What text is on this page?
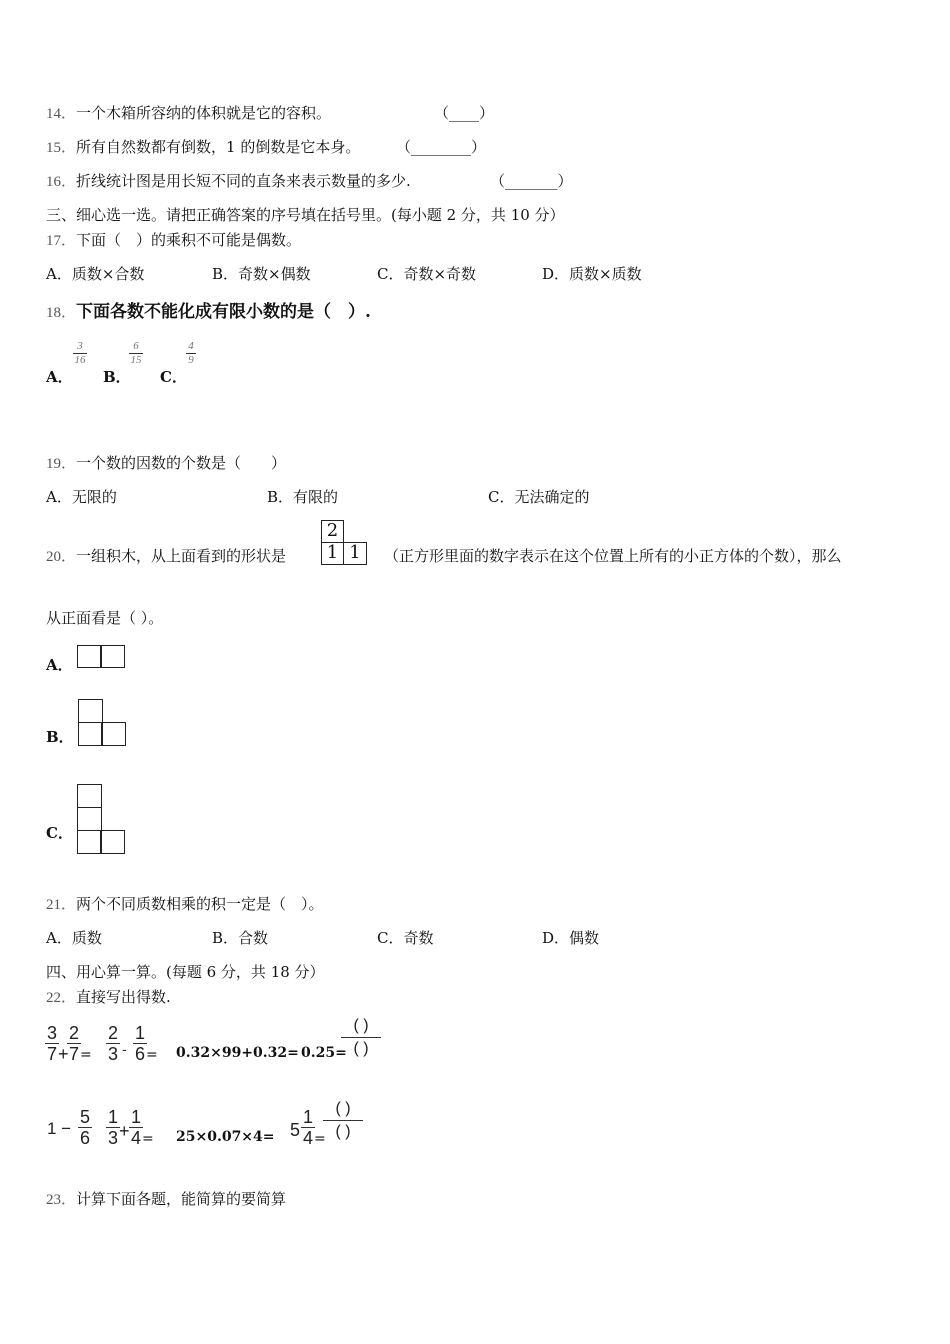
14．一个木箱所容纳的体积就是它的容积。	（____）
15．所有自然数都有倒数，1 的倒数是它本身。 （________）
16．折线统计图是用长短不同的直条来表示数量的多少.	（_______）
三、细心选一选。请把正确答案的序号填在括号里。(每小题 2 分，共 10 分）
17．下面（　）的乘积不可能是偶数。
A．质数×合数	B．奇数×偶数	C．奇数×奇数	D．质数×质数
18．下面各数不能化成有限小数的是（　）.
A．
3
16
B．
6
15
C．
4
9
19．一个数的因数的个数是（　　）
A．无限的	B．有限的	C．无法确定的
20．一组积木，从上面看到的形状是
2
1 1	（正方形里面的数字表示在这个位置上所有的小正方体的个数），那么
从正面看是（ ）。
A．
B．
C．
21．两个不同质数相乘的积一定是（　）。
A．质数	B．合数	C．奇数	D．偶数
四、用心算一算。(每题 6 分，共 18 分）
22．直接写出得数.
3
7 +
2
7 =
2
3 -
1
6 = 0.32×99+0.32= 0.25=
( )
( )
1 −
5
6
1
3 +
1
4 = 25×0.07×4= 5
1
4 =
( )
( )
23．计算下面各题，能简算的要简算
